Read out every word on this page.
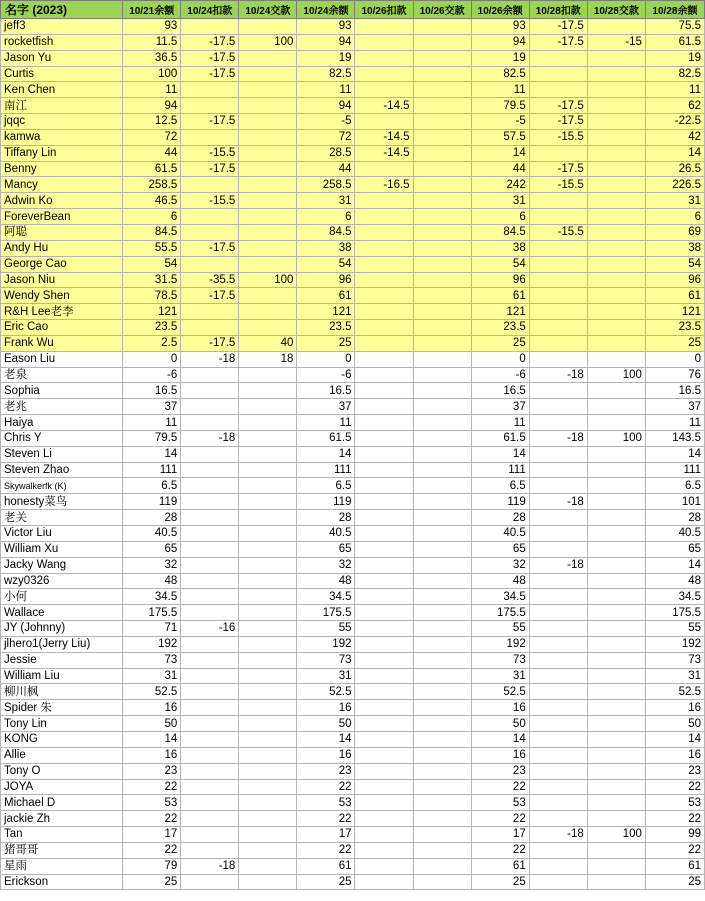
名字 (2023)	10/21余额	10/24扣款	10/24交款	10/24余额	10/26扣款	10/26交款	10/26余额	10/28扣款	10/28交款	10/28余额
jeff3	93			93			93	-17.5		75.5
rocketfish	11.5	-17.5	100	94			94	-17.5	-15	61.5
Jason Yu	36.5	-17.5		19			19			19
Curtis	100	-17.5		82.5			82.5			82.5
Ken Chen	11			11			11			11
南江	94			94	-14.5		79.5	-17.5		62
jqqc	12.5	-17.5		-5			-5	-17.5		-22.5
kamwa	72			72	-14.5		57.5	-15.5		42
Tiffany Lin	44	-15.5		28.5	-14.5		14			14
Benny	61.5	-17.5		44			44	-17.5		26.5
Mancy	258.5			258.5	-16.5		242	-15.5		226.5
Adwin Ko	46.5	-15.5		31			31			31
ForeverBean	6			6			6			6
阿聪	84.5			84.5			84.5	-15.5		69
Andy Hu	55.5	-17.5		38			38			38
George Cao	54			54			54			54
Jason Niu	31.5	-35.5	100	96			96			96
Wendy Shen	78.5	-17.5		61			61			61
R&H Lee老李	121			121			121			121
Eric Cao	23.5			23.5			23.5			23.5
Frank Wu	2.5	-17.5	40	25			25			25
Eason Liu	0	-18	18	0			0			0
老泉	-6			-6			-6	-18	100	76
Sophia	16.5			16.5			16.5			16.5
老兆	37			37			37			37
Haiya	11			11			11			11
Chris Y	79.5	-18		61.5			61.5	-18	100	143.5
Steven Li	14			14			14			14
Steven Zhao	111			111			111			111
Skywalkerfk (K)	6.5			6.5			6.5			6.5
honesty菜鸟	119			119			119	-18		101
老关	28			28			28			28
Victor Liu	40.5			40.5			40.5			40.5
William Xu	65			65			65			65
Jacky Wang	32			32			32	-18		14
wzy0326	48			48			48			48
小何	34.5			34.5			34.5			34.5
Wallace	175.5			175.5			175.5			175.5
JY (Johnny)	71	-16		55			55			55
jlhero1(Jerry Liu)	192			192			192			192
Jessie	73			73			73			73
William Liu	31			31			31			31
柳川枫	52.5			52.5			52.5			52.5
Spider 朱	16			16			16			16
Tony Lin	50			50			50			50
KONG	14			14			14			14
Allie	16			16			16			16
Tony O	23			23			23			23
JOYA	22			22			22			22
Michael D	53			53			53			53
jackie Zh	22			22			22			22
Tan	17			17			17	-18	100	99
猪哥哥	22			22			22			22
星雨	79	-18		61			61			61
Erickson	25			25			25			25
